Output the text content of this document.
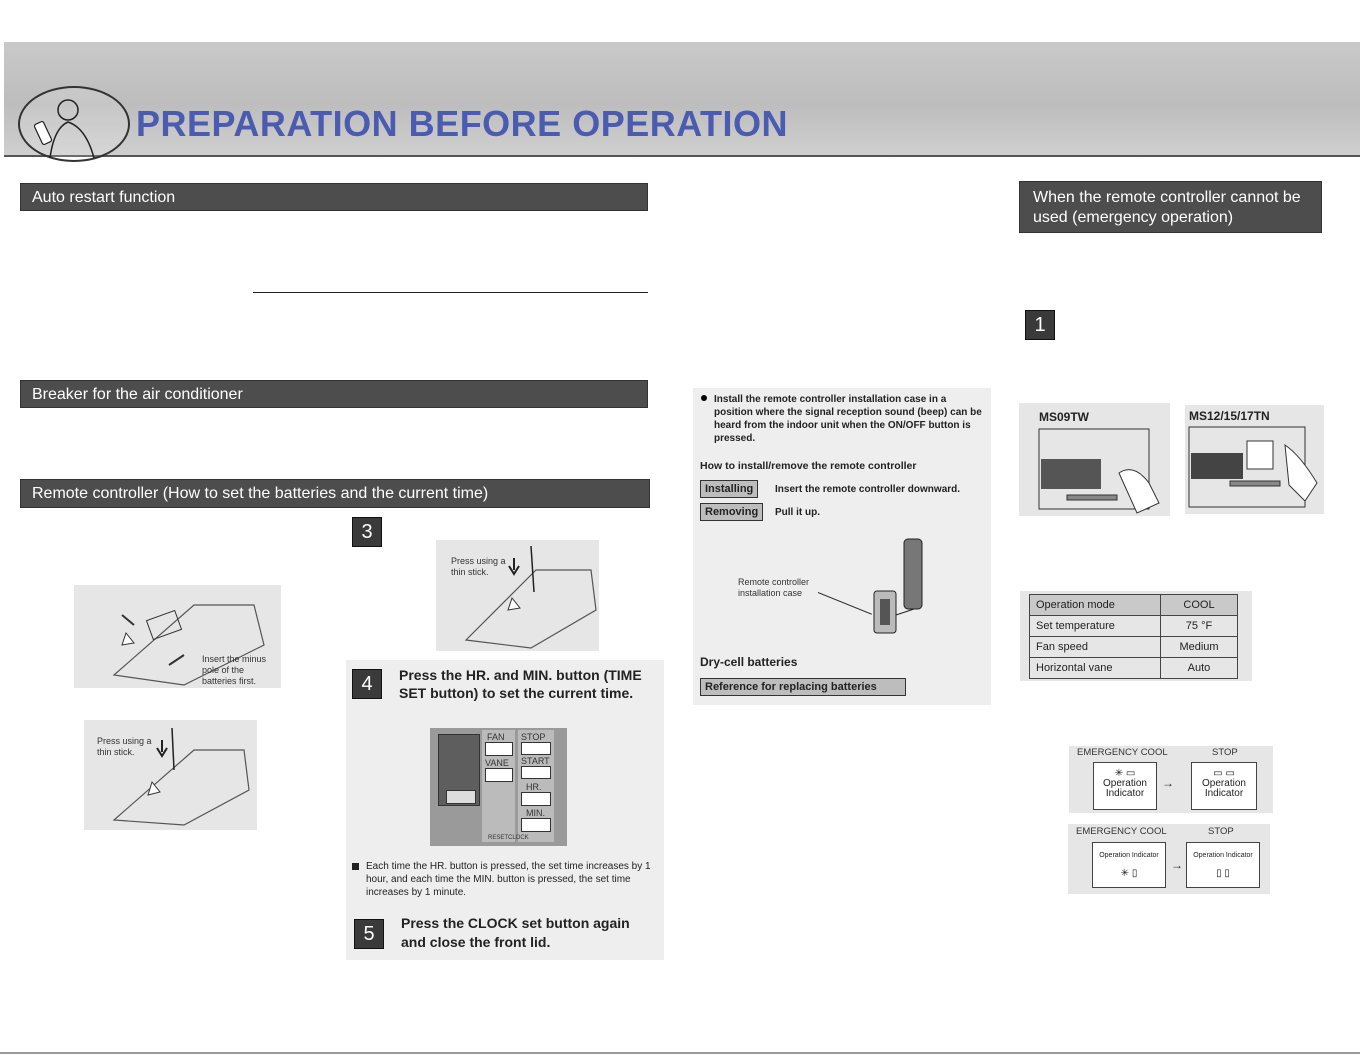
PREPARATION BEFORE OPERATION
Auto restart function
Breaker for the air conditioner
Remote controller (How to set the batteries and the current time)
Insert the minus pole of the batteries first.
Press using a thin stick.
3
Press using a thin stick.
4	Press the HR. and MIN. button (TIME SET button) to set the current time.
FAN
VANE
STOP
START
HR.
MIN.
RESET CLOCK
Each time the HR. button is pressed, the set time increases by 1 hour, and each time the MIN. button is pressed, the set time increases by 1 minute.
5	Press the CLOCK set button again and close the front lid.
Install the remote controller installation case in a position where the signal reception sound (beep) can be heard from the indoor unit when the ON/OFF button is pressed.
How to install/remove the remote controller
Installing	Insert the remote controller downward.
Removing	Pull it up.
Remote controller installation case
Dry-cell batteries
Reference for replacing batteries
When the remote controller cannot be used (emergency operation)
1
MS09TW	MS12/15/17TN
Operation mode	COOL
Set temperature	75 °F
Fan speed	Medium
Horizontal vane	Auto
EMERGENCY COOL	STOP
✳ ▭
Operation Indicator
→
▭ ▭
Operation Indicator
EMERGENCY COOL	STOP
Operation Indicator
✳ ▯
→
Operation Indicator
▯ ▯
